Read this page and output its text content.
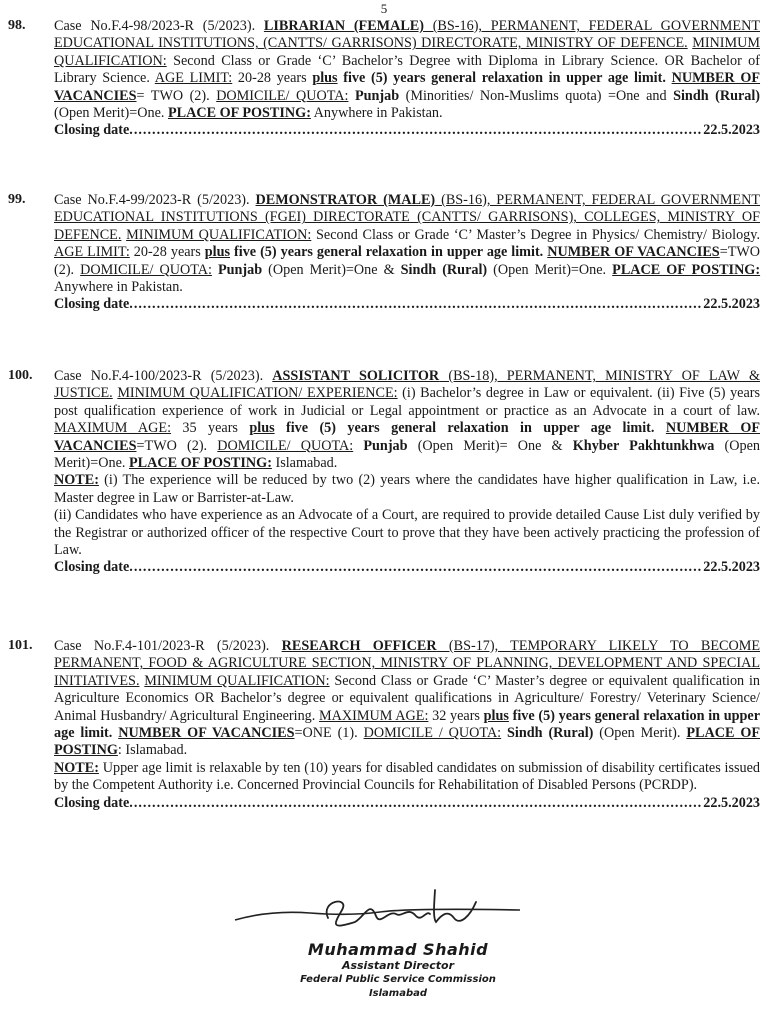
5
98. Case No.F.4-98/2023-R (5/2023). LIBRARIAN (FEMALE) (BS-16), PERMANENT, FEDERAL GOVERNMENT EDUCATIONAL INSTITUTIONS, (CANTTS/ GARRISONS) DIRECTORATE, MINISTRY OF DEFENCE. MINIMUM QUALIFICATION: Second Class or Grade ‘C’ Bachelor’s Degree with Diploma in Library Science. OR Bachelor of Library Science. AGE LIMIT: 20-28 years plus five (5) years general relaxation in upper age limit. NUMBER OF VACANCIES= TWO (2). DOMICILE/ QUOTA: Punjab (Minorities/ Non-Muslims quota) =One and Sindh (Rural) (Open Merit)=One. PLACE OF POSTING: Anywhere in Pakistan.

Closing date .....	22.5.2023
99. Case No.F.4-99/2023-R (5/2023). DEMONSTRATOR (MALE) (BS-16), PERMANENT, FEDERAL GOVERNMENT EDUCATIONAL INSTITUTIONS (FGEI) DIRECTORATE (CANTTS/ GARRISONS), COLLEGES, MINISTRY OF DEFENCE. MINIMUM QUALIFICATION: Second Class or Grade ‘C’ Master’s Degree in Physics/ Chemistry/ Biology. AGE LIMIT: 20-28 years plus five (5) years general relaxation in upper age limit. NUMBER OF VACANCIES=TWO (2). DOMICILE/ QUOTA: Punjab (Open Merit)=One & Sindh (Rural) (Open Merit)=One. PLACE OF POSTING: Anywhere in Pakistan.

Closing date .....	22.5.2023
100. Case No.F.4-100/2023-R (5/2023). ASSISTANT SOLICITOR (BS-18), PERMANENT, MINISTRY OF LAW & JUSTICE. MINIMUM QUALIFICATION/ EXPERIENCE: (i) Bachelor’s degree in Law or equivalent. (ii) Five (5) years post qualification experience of work in Judicial or Legal appointment or practice as an Advocate in a court of law. MAXIMUM AGE: 35 years plus five (5) years general relaxation in upper age limit. NUMBER OF VACANCIES=TWO (2). DOMICILE/ QUOTA: Punjab (Open Merit)= One & Khyber Pakhtunkhwa (Open Merit)=One. PLACE OF POSTING: Islamabad.

NOTE: (i) The experience will be reduced by two (2) years where the candidates have higher qualification in Law, i.e. Master degree in Law or Barrister-at-Law.

(ii) Candidates who have experience as an Advocate of a Court, are required to provide detailed Cause List duly verified by the Registrar or authorized officer of the respective Court to prove that they have been actively practicing the profession of Law.

Closing date .....	22.5.2023
101. Case No.F.4-101/2023-R (5/2023). RESEARCH OFFICER (BS-17), TEMPORARY LIKELY TO BECOME PERMANENT, FOOD & AGRICULTURE SECTION, MINISTRY OF PLANNING, DEVELOPMENT AND SPECIAL INITIATIVES. MINIMUM QUALIFICATION: Second Class or Grade ‘C’ Master’s degree or equivalent qualification in Agriculture Economics OR Bachelor’s degree or equivalent qualifications in Agriculture/ Forestry/ Veterinary Science/ Animal Husbandry/ Agricultural Engineering. MAXIMUM AGE: 32 years plus five (5) years general relaxation in upper age limit. NUMBER OF VACANCIES=ONE (1). DOMICILE / QUOTA: Sindh (Rural) (Open Merit). PLACE OF POSTING: Islamabad.

NOTE: Upper age limit is relaxable by ten (10) years for disabled candidates on submission of disability certificates issued by the Competent Authority i.e. Concerned Provincial Councils for Rehabilitation of Disabled Persons (PCRDP).

Closing date .....	22.5.2023
Muhammad Shahid
Assistant Director
Federal Public Service Commission
Islamabad
